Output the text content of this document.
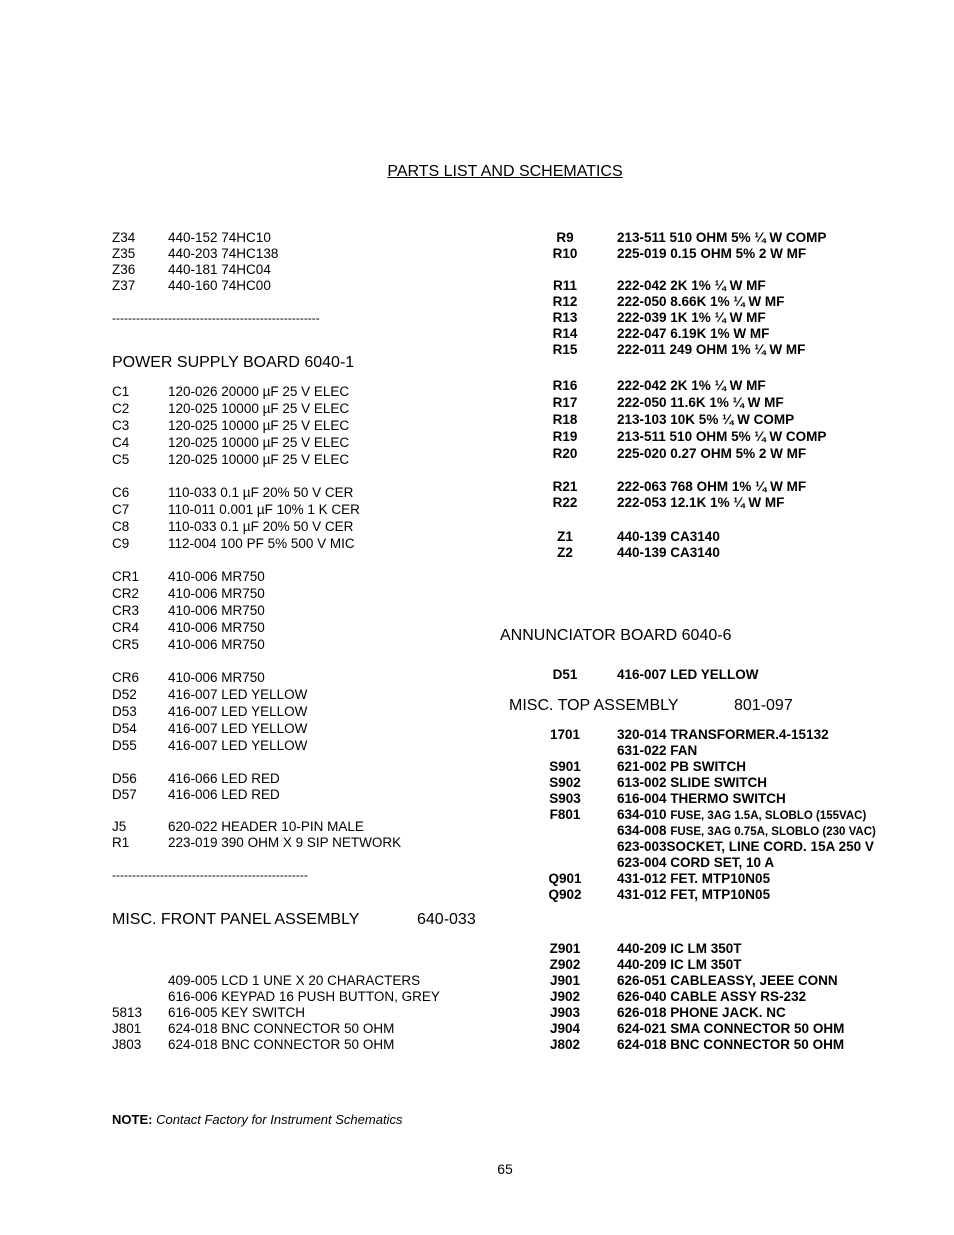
PARTS LIST AND SCHEMATICS
Z34 440-152 74HC10
Z35 440-203 74HC138
Z36 440-181 74HC04
Z37 440-160 74HC00
----------------------------------------------------
POWER SUPPLY BOARD 6040-1
C1	120-026 20000 µF 25 V ELEC
C2	120-025 10000 µF 25 V ELEC
C3	120-025 10000 µF 25 V ELEC
C4	120-025 10000 µF 25 V ELEC
C5	120-025 10000 µF 25 V ELEC
C6	110-033 0.1 µF 20% 50 V CER
C7	110-011 0.001 µF 10% 1 K CER
C8	110-033 0.1 µF 20% 50 V CER
C9	112-004 100 PF 5% 500 V MIC
CR1 410-006 MR750
CR2 410-006 MR750
CR3 410-006 MR750
CR4 410-006 MR750
CR5 410-006 MR750
CR6 410-006 MR750
D52 416-007 LED YELLOW
D53 416-007 LED YELLOW
D54 416-007 LED YELLOW
D55 416-007 LED YELLOW
D56 416-066 LED RED
D57 416-006 LED RED
J5	620-022 HEADER 10-PIN MALE
R1	223-019 390 OHM X 9 SIP NETWORK
-------------------------------------------------
MISC. FRONT PANEL ASSEMBLY	640-033
409-005 LCD 1 UNE X 20 CHARACTERS
616-006 KEYPAD 16 PUSH BUTTON, GREY
5813 616-005 KEY SWITCH
J801 624-018 BNC CONNECTOR 50 OHM
J803 624-018 BNC CONNECTOR 50 OHM
R9	213-511 510 OHM 5% ¼ W COMP
R10	225-019 0.15 OHM 5% 2 W MF
R11	222-042 2K 1% ¼ W MF
R12	222-050 8.66K 1% ¼ W MF
R13	222-039 1K 1% ¼ W MF
R14	222-047 6.19K 1% W MF
R15	222-011 249 OHM 1% ¼ W MF
R16	222-042 2K 1% ¼ W MF
R17	222-050 11.6K 1% ¼ W MF
R18	213-103 10K 5% ¼ W COMP
R19	213-511 510 OHM 5% ¼ W COMP
R20	225-020 0.27 OHM 5% 2 W MF
R21	222-063 768 OHM 1% ¼ W MF
R22	222-053 12.1K 1% ¼ W MF
Z1	440-139 CA3140
Z2	440-139 CA3140
ANNUNCIATOR BOARD 6040-6
D51	416-007 LED YELLOW
MISC. TOP ASSEMBLY	801-097
1701	320-014 TRANSFORMER.4-15132
631-022 FAN
S901	621-002 PB SWITCH
S902	613-002 SLIDE SWITCH
S903	616-004 THERMO SWITCH
F801	634-010 FUSE, 3AG 1.5A, SLOBLO (155VAC)
634-008 FUSE, 3AG 0.75A, SLOBLO (230 VAC)
623-003SOCKET, LINE CORD. 15A 250 V
623-004 CORD SET, 10 A
Q901	431-012 FET. MTP10N05
Q902	431-012 FET, MTP10N05
Z901	440-209 IC LM 350T
Z902	440-209 IC LM 350T
J901	626-051 CABLEASSY, JEEE CONN
J902	626-040 CABLE ASSY RS-232
J903	626-018 PHONE JACK. NC
J904	624-021 SMA CONNECTOR 50 OHM
J802	624-018 BNC CONNECTOR 50 OHM
NOTE: Contact Factory for Instrument Schematics
65
